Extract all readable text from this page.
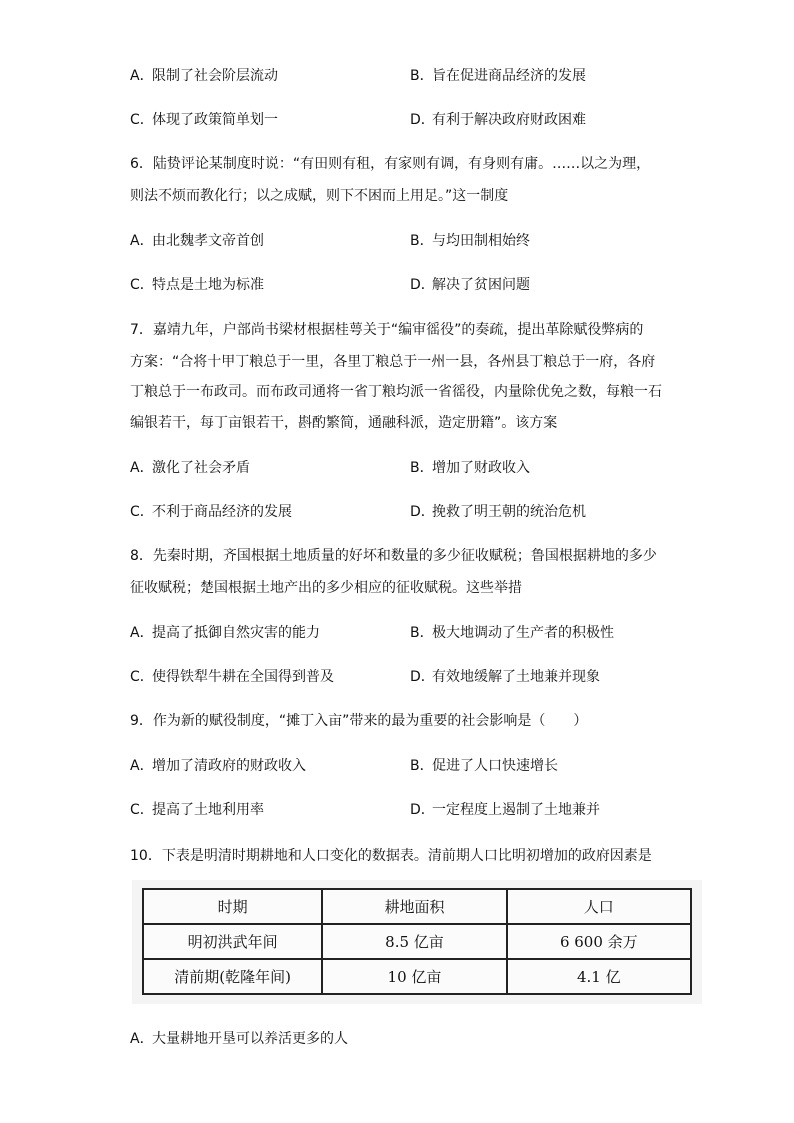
A．限制了社会阶层流动	B．旨在促进商品经济的发展
C．体现了政策简单划一	D．有利于解决政府财政困难
6．陆贽评论某制度时说：“有田则有租，有家则有调，有身则有庸。……以之为理，
则法不烦而教化行；以之成赋，则下不困而上用足。”这一制度
A．由北魏孝文帝首创	B．与均田制相始终
C．特点是土地为标准	D．解决了贫困问题
7．嘉靖九年，户部尚书梁材根据桂萼关于“编审徭役”的奏疏，提出革除赋役弊病的
方案：“合将十甲丁粮总于一里，各里丁粮总于一州一县，各州县丁粮总于一府，各府
丁粮总于一布政司。而布政司通将一省丁粮均派一省徭役，内量除优免之数，每粮一石
编银若干，每丁亩银若干，斟酌繁简，通融科派，造定册籍”。该方案
A．激化了社会矛盾	B．增加了财政收入
C．不利于商品经济的发展	D．挽救了明王朝的统治危机
8．先秦时期，齐国根据土地质量的好坏和数量的多少征收赋税；鲁国根据耕地的多少
征收赋税；楚国根据土地产出的多少相应的征收赋税。这些举措
A．提高了抵御自然灾害的能力	B．极大地调动了生产者的积极性
C．使得铁犁牛耕在全国得到普及	D．有效地缓解了土地兼并现象
9．作为新的赋役制度，“摊丁入亩”带来的最为重要的社会影响是（　　）
A．增加了清政府的财政收入	B．促进了人口快速增长
C．提高了土地利用率	D．一定程度上遏制了土地兼并
10．下表是明清时期耕地和人口变化的数据表。清前期人口比明初增加的政府因素是
时期	耕地面积	人口
明初洪武年间	8.5 亿亩	6 600 余万
清前期(乾隆年间)	10 亿亩	4.1 亿
A．大量耕地开垦可以养活更多的人
